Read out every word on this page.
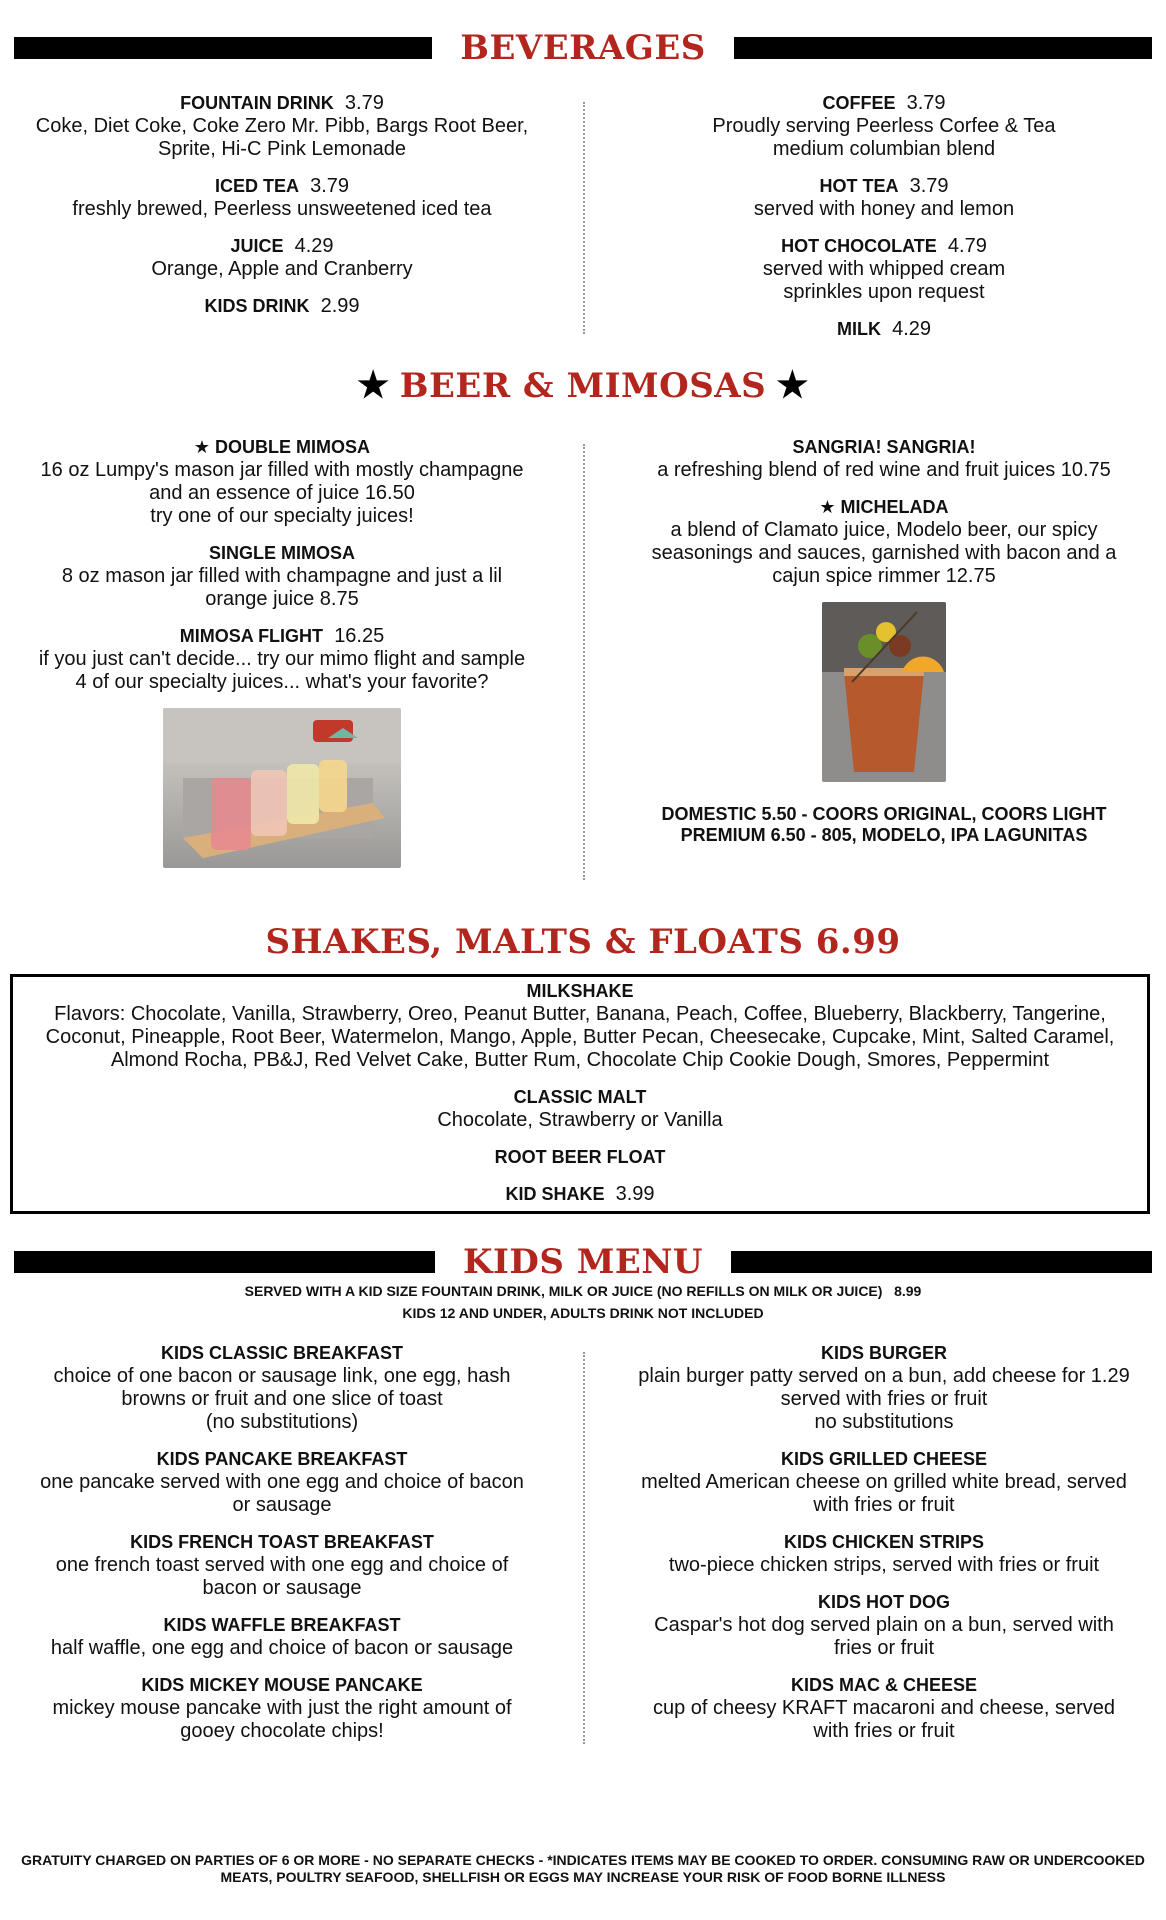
BEVERAGES
FOUNTAIN DRINK 3.79
Coke, Diet Coke, Coke Zero Mr. Pibb, Bargs Root Beer,
Sprite, Hi-C Pink Lemonade
ICED TEA 3.79
freshly brewed, Peerless unsweetened iced tea
JUICE 4.29
Orange, Apple and Cranberry
KIDS DRINK 2.99
COFFEE 3.79
Proudly serving Peerless Corfee & Tea
medium columbian blend
HOT TEA 3.79
served with honey and lemon
HOT CHOCOLATE 4.79
served with whipped cream
sprinkles upon request
MILK 4.29
★ BEER & MIMOSAS ★
★ DOUBLE MIMOSA
16 oz Lumpy's mason jar filled with mostly champagne
and an essence of juice 16.50
try one of our specialty juices!
SINGLE MIMOSA
8 oz mason jar filled with champagne and just a lil
orange juice 8.75
MIMOSA FLIGHT 16.25
if you just can't decide... try our mimo flight and sample
4 of our specialty juices... what's your favorite?
SANGRIA! SANGRIA!
a refreshing blend of red wine and fruit juices 10.75
★ MICHELADA
a blend of Clamato juice, Modelo beer, our spicy
seasonings and sauces, garnished with bacon and a
cajun spice rimmer 12.75
DOMESTIC 5.50 - COORS ORIGINAL, COORS LIGHT
PREMIUM 6.50 - 805, MODELO, IPA LAGUNITAS
SHAKES, MALTS & FLOATS 6.99
MILKSHAKE
Flavors: Chocolate, Vanilla, Strawberry, Oreo, Peanut Butter, Banana, Peach, Coffee, Blueberry, Blackberry, Tangerine,
Coconut, Pineapple, Root Beer, Watermelon, Mango, Apple, Butter Pecan, Cheesecake, Cupcake, Mint, Salted Caramel,
Almond Rocha, PB&J, Red Velvet Cake, Butter Rum, Chocolate Chip Cookie Dough, Smores, Peppermint
CLASSIC MALT
Chocolate, Strawberry or Vanilla
ROOT BEER FLOAT
KID SHAKE 3.99
KIDS MENU
SERVED WITH A KID SIZE FOUNTAIN DRINK, MILK OR JUICE (NO REFILLS ON MILK OR JUICE)   8.99
KIDS 12 AND UNDER, ADULTS DRINK NOT INCLUDED
KIDS CLASSIC BREAKFAST
choice of one bacon or sausage link, one egg, hash
browns or fruit and one slice of toast
(no substitutions)
KIDS PANCAKE BREAKFAST
one pancake served with one egg and choice of bacon
or sausage
KIDS FRENCH TOAST BREAKFAST
one french toast served with one egg and choice of
bacon or sausage
KIDS WAFFLE BREAKFAST
half waffle, one egg and choice of bacon or sausage
KIDS MICKEY MOUSE PANCAKE
mickey mouse pancake with just the right amount of
gooey chocolate chips!
KIDS BURGER
plain burger patty served on a bun, add cheese for 1.29
served with fries or fruit
no substitutions
KIDS GRILLED CHEESE
melted American cheese on grilled white bread, served
with fries or fruit
KIDS CHICKEN STRIPS
two-piece chicken strips, served with fries or fruit
KIDS HOT DOG
Caspar's hot dog served plain on a bun, served with
fries or fruit
KIDS MAC & CHEESE
cup of cheesy KRAFT macaroni and cheese, served
with fries or fruit
GRATUITY CHARGED ON PARTIES OF 6 OR MORE - NO SEPARATE CHECKS - *INDICATES ITEMS MAY BE COOKED TO ORDER. CONSUMING RAW OR UNDERCOOKED MEATS, POULTRY SEAFOOD, SHELLFISH OR EGGS MAY INCREASE YOUR RISK OF FOOD BORNE ILLNESS
